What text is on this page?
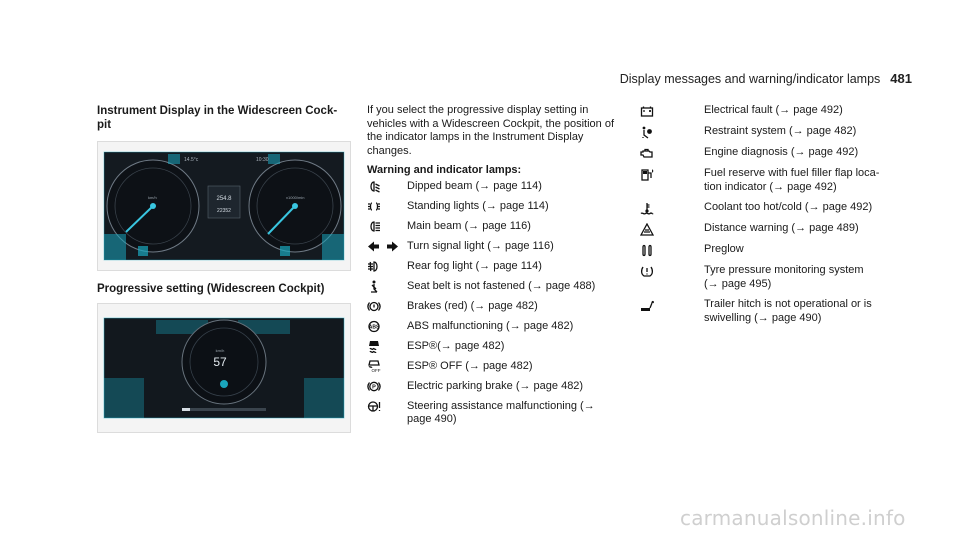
Display messages and warning/indicator lamps 481

Instrument Display in the Widescreen Cock-pit

14.5°c	10:30
254.8
22352
km/h	x1000/min
Progressive setting (Widescreen Cockpit)
57
km/h

If you select the progressive display setting in vehicles with a Widescreen Cockpit, the position of the indicator lamps in the Instrument Display changes.

Warning and indicator lamps:

Dipped beam (→ page 114)
Standing lights (→ page 114)
Main beam (→ page 116)
Turn signal light (→ page 116)
Rear fog light (→ page 114)
Seat belt is not fastened (→ page 488)
Brakes (red) (→ page 482)
ABS	ABS malfunctioning (→ page 482)
ESP®(→ page 482)
OFF ESP® OFF (→ page 482)
P	Electric parking brake (→ page 482)
Steering assistance malfunctioning (→ page 490)
Electrical fault (→ page 492)
Restraint system (→ page 482)
Engine diagnosis (→ page 492)
Fuel reserve with fuel filler flap loca-tion indicator (→ page 492)
Coolant too hot/cold (→ page 492)
Distance warning (→ page 489)
Preglow
Tyre pressure monitoring system (→ page 495)
Trailer hitch is not operational or is swivelling (→ page 490)
carmanualsonline.info
